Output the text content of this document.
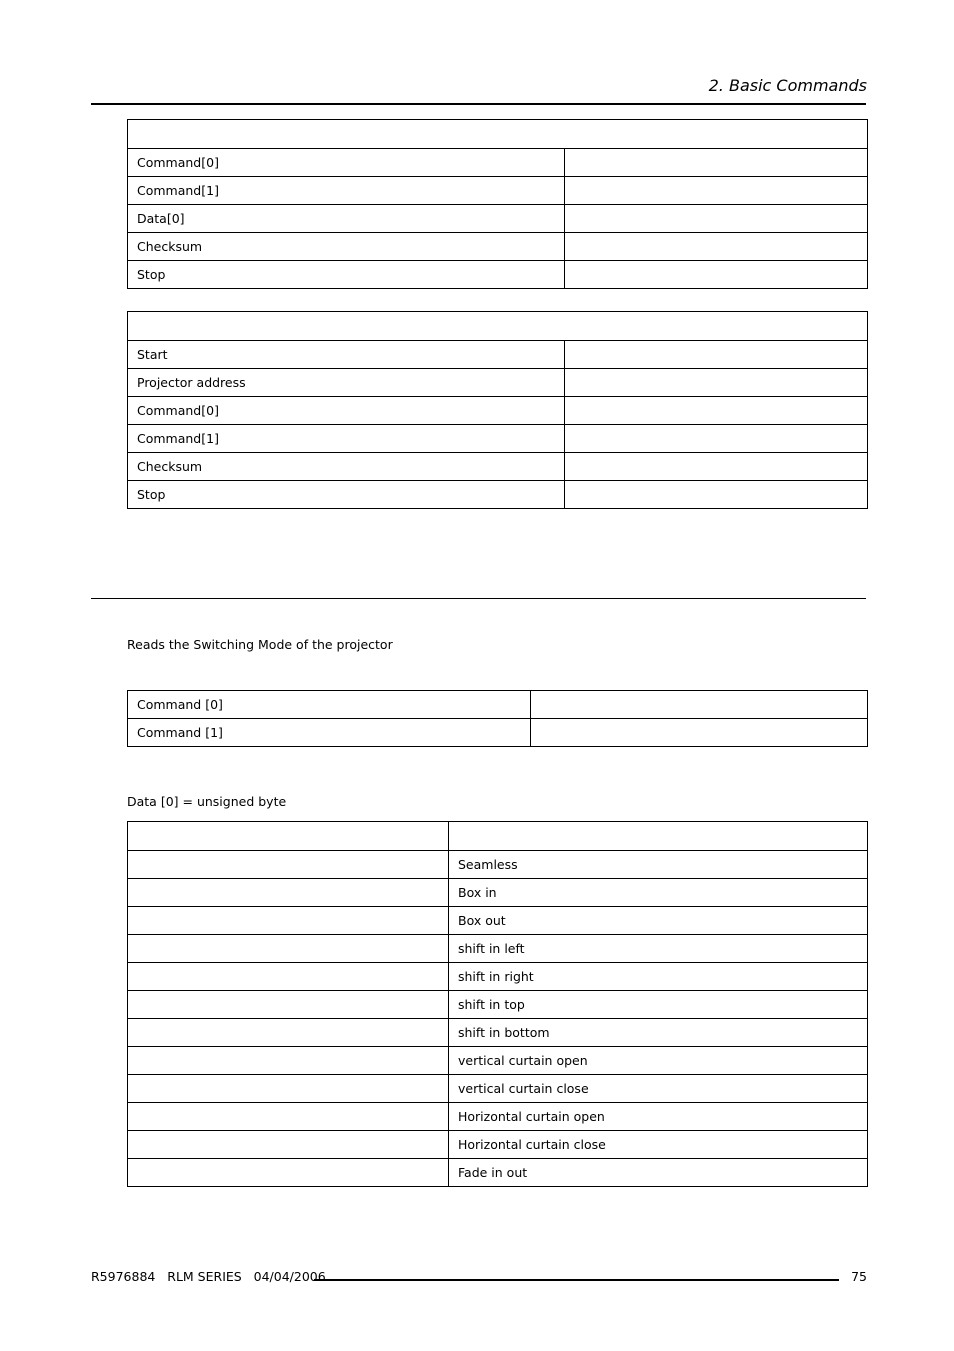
2. Basic Commands

Command[0]	
Command[1]	
Data[0]	
Checksum	
Stop	

Start	
Projector address	
Command[0]	
Command[1]	
Checksum	
Stop	
Reads the Switching Mode of the projector
Command [0]	
Command [1]	
Data [0] = unsigned byte

	Seamless
	Box in
	Box out
	shift in left
	shift in right
	shift in top
	shift in bottom
	vertical curtain open
	vertical curtain close
	Horizontal curtain open
	Horizontal curtain close
	Fade in out
R5976884   RLM SERIES   04/04/2006	75
